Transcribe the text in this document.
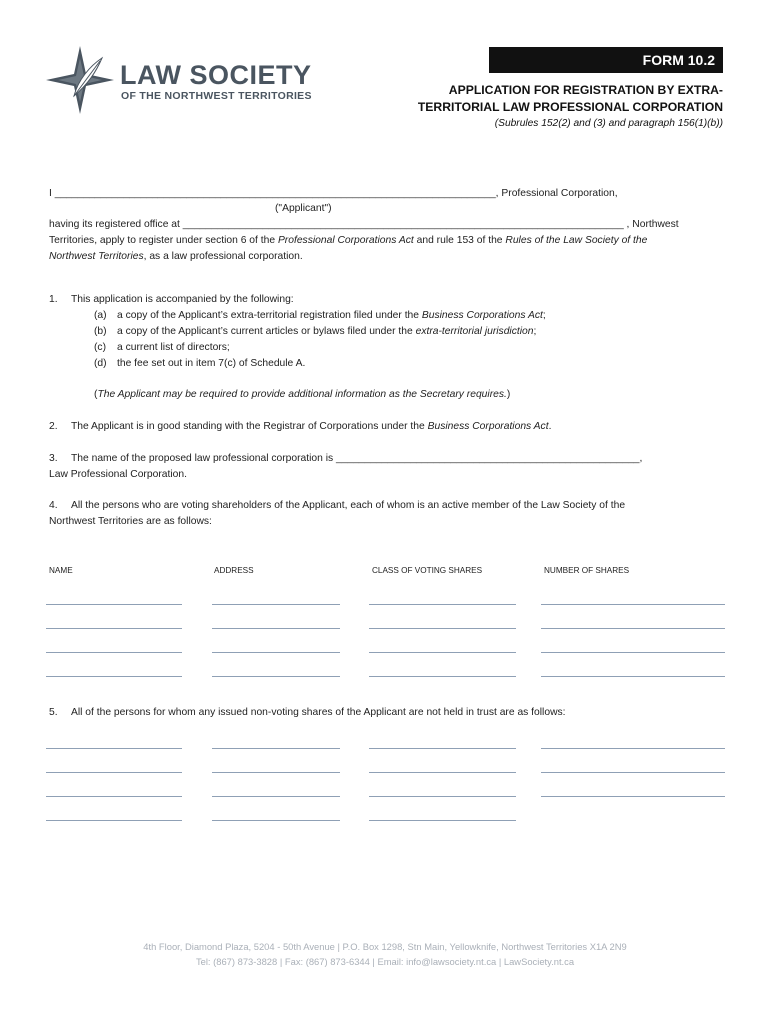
LAW SOCIETY
OF THE NORTHWEST TERRITORIES
FORM 10.2
APPLICATION FOR REGISTRATION BY EXTRA-
TERRITORIAL LAW PROFESSIONAL CORPORATION
(Subrules 152(2) and (3) and paragraph 156(1)(b))
I _____________________________________________________________________________, Professional Corporation,
("Applicant")
having its registered office at _____________________________________________________________________________ , Northwest
Territories, apply to register under section 6 of the Professional Corporations Act and rule 153 of the Rules of the Law Society of the
Northwest Territories, as a law professional corporation.
1. This application is accompanied by the following:
(a) a copy of the Applicant’s extra-territorial registration filed under the Business Corporations Act;
(b) a copy of the Applicant’s current articles or bylaws filed under the extra-territorial jurisdiction;
(c) a current list of directors;
(d) the fee set out in item 7(c) of Schedule A.
(The Applicant may be required to provide additional information as the Secretary requires.)
2. The Applicant is in good standing with the Registrar of Corporations under the Business Corporations Act.
3. The name of the proposed law professional corporation is _____________________________________________________,
Law Professional Corporation.
4. All the persons who are voting shareholders of the Applicant, each of whom is an active member of the Law Society of the
Northwest Territories are as follows:
NAME	ADDRESS	CLASS OF VOTING SHARES	NUMBER OF SHARES
5. All of the persons for whom any issued non-voting shares of the Applicant are not held in trust are as follows:
4th Floor, Diamond Plaza, 5204 - 50th Avenue | P.O. Box 1298, Stn Main, Yellowknife, Northwest Territories X1A 2N9
Tel: (867) 873-3828 | Fax: (867) 873-6344 | Email: info@lawsociety.nt.ca | LawSociety.nt.ca
